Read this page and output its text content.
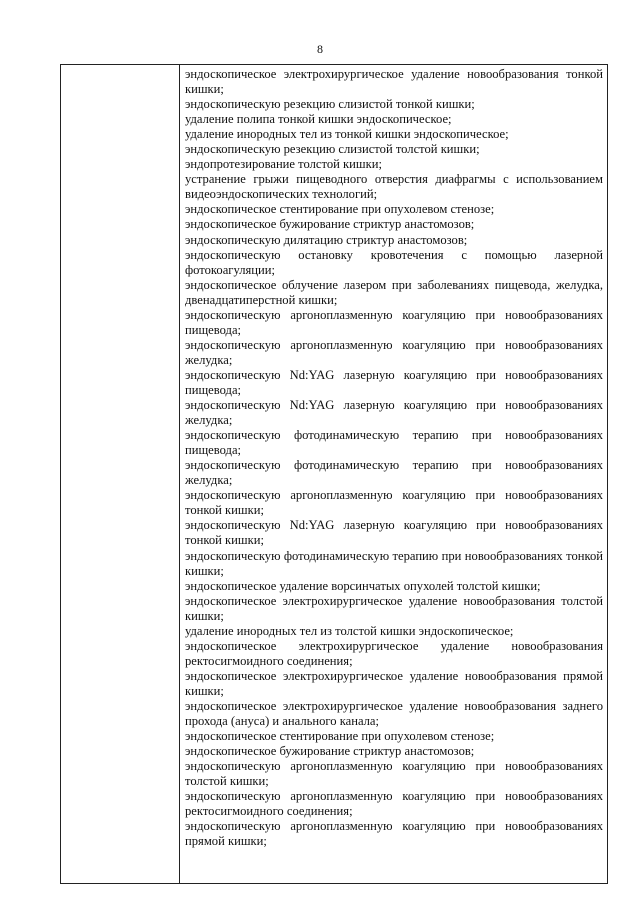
8

эндоскопическое электрохирургическое удаление новообразования тонкой кишки;

эндоскопическую резекцию слизистой тонкой кишки;

удаление полипа тонкой кишки эндоскопическое;

удаление инородных тел из тонкой кишки эндоскопическое;

эндоскопическую резекцию слизистой толстой кишки;

эндопротезирование толстой кишки;

устранение грыжи пищеводного отверстия диафрагмы с использованием видеоэндоскопических технологий;

эндоскопическое стентирование при опухолевом стенозе;

эндоскопическое бужирование стриктур анастомозов;

эндоскопическую дилятацию стриктур анастомозов;

эндоскопическую остановку кровотечения с помощью лазерной фотокоагуляции;

эндоскопическое облучение лазером при заболеваниях пищевода, желудка, двенадцатиперстной кишки;

эндоскопическую аргоноплазменную коагуляцию при новообразованиях пищевода;

эндоскопическую аргоноплазменную коагуляцию при новообразованиях желудка;

эндоскопическую Nd:YAG лазерную коагуляцию при новообразованиях пищевода;

эндоскопическую Nd:YAG лазерную коагуляцию при новообразованиях желудка;

эндоскопическую фотодинамическую терапию при новообразованиях пищевода;

эндоскопическую фотодинамическую терапию при новообразованиях желудка;

эндоскопическую аргоноплазменную коагуляцию при новообразованиях тонкой кишки;

эндоскопическую Nd:YAG лазерную коагуляцию при новообразованиях тонкой кишки;

эндоскопическую фотодинамическую терапию при новообразованиях тонкой кишки;

эндоскопическое удаление ворсинчатых опухолей толстой кишки;

эндоскопическое электрохирургическое удаление новообразования толстой кишки;

удаление инородных тел из толстой кишки эндоскопическое;

эндоскопическое электрохирургическое удаление новообразования ректосигмоидного соединения;

эндоскопическое электрохирургическое удаление новообразования прямой кишки;

эндоскопическое электрохирургическое удаление новообразования заднего прохода (ануса) и анального канала;

эндоскопическое стентирование при опухолевом стенозе;

эндоскопическое бужирование стриктур анастомозов;

эндоскопическую аргоноплазменную коагуляцию при новообразованиях толстой кишки;

эндоскопическую аргоноплазменную коагуляцию при новообразованиях ректосигмоидного соединения;

эндоскопическую аргоноплазменную коагуляцию при новообразованиях прямой кишки;
